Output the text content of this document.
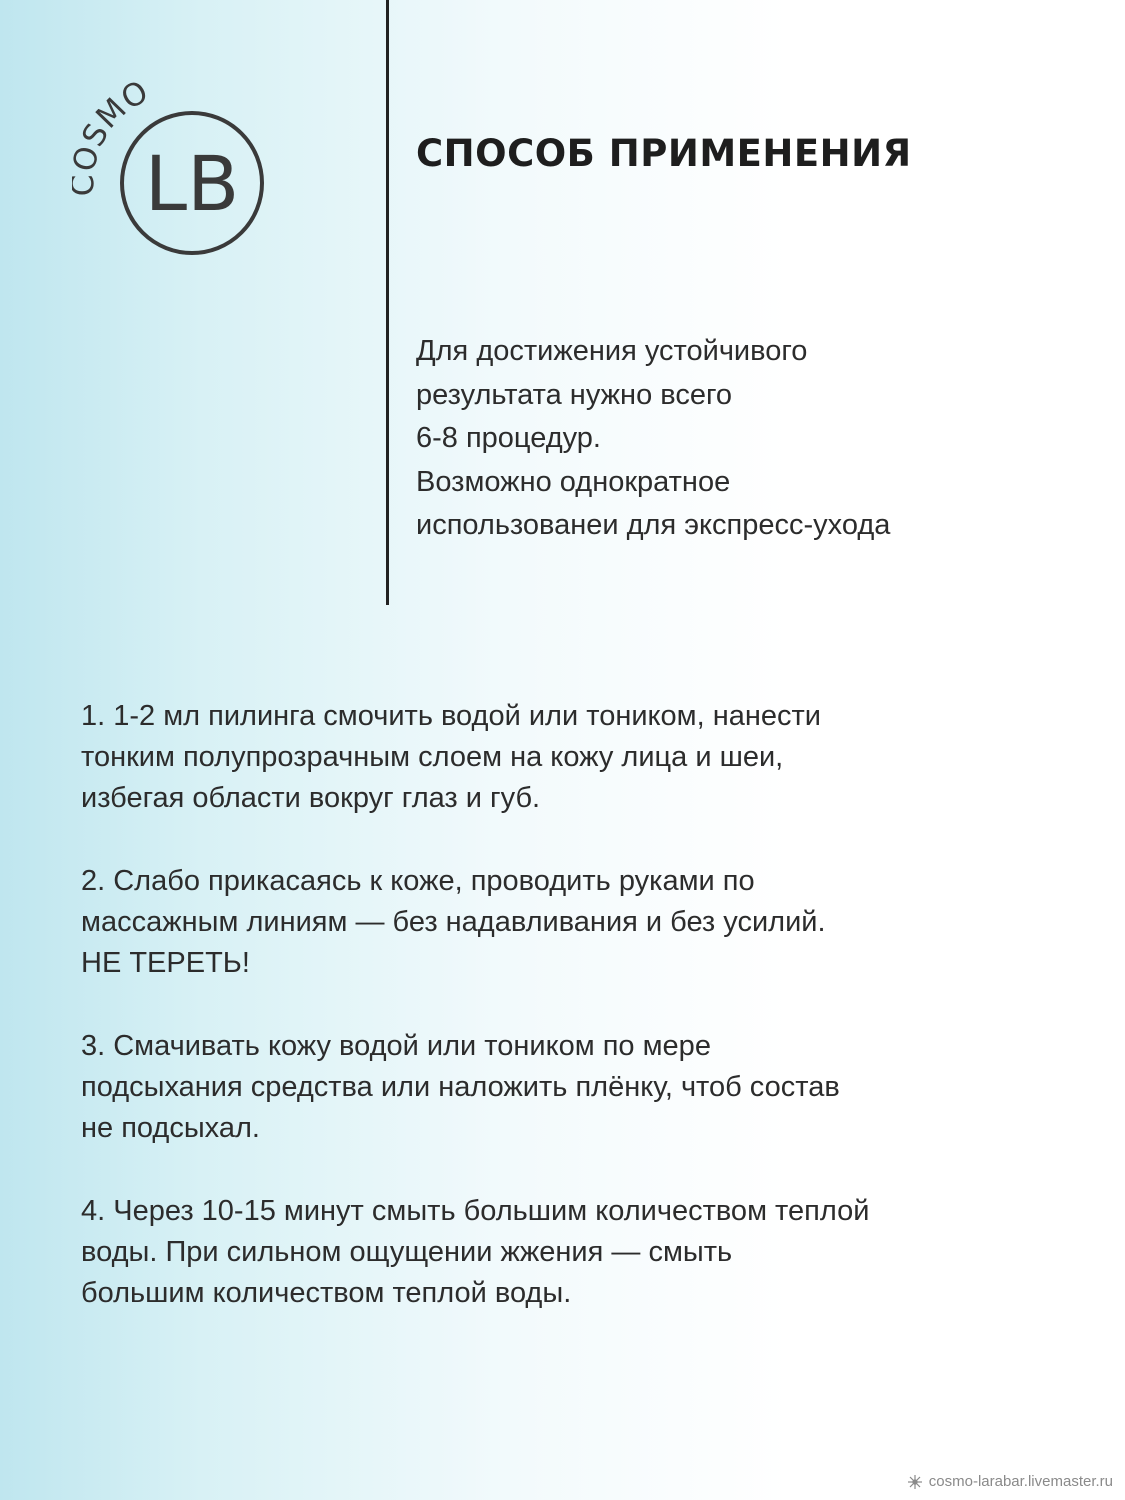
SMO
LB	СПОСОБ ПРИМЕНЕНИЯ
Для достижения устойчивого
результата нужно всего
6-8 процедур.
Возможно однократное
использованеи для экспресс-ухода
1. 1-2 мл пилинга смочить водой или тоником, нанести
тонким полупрозрачным слоем на кожу лица и шеи,
избегая области вокруг глаз и губ.
2. Слабо прикасаясь к коже, проводить руками по
массажным линиям — без надавливания и без усилий.
НЕ ТЕРЕТЬ!
3. Смачивать кожу водой или тоником по мере
подсыхания средства или наложить плёнку, чтоб состав
не подсыхал.
4. Через 10-15 минут смыть большим количеством теплой
воды. При сильном ощущении жжения — смыть
большим количеством теплой воды.
cosmo-larabar.livemaster.ru
